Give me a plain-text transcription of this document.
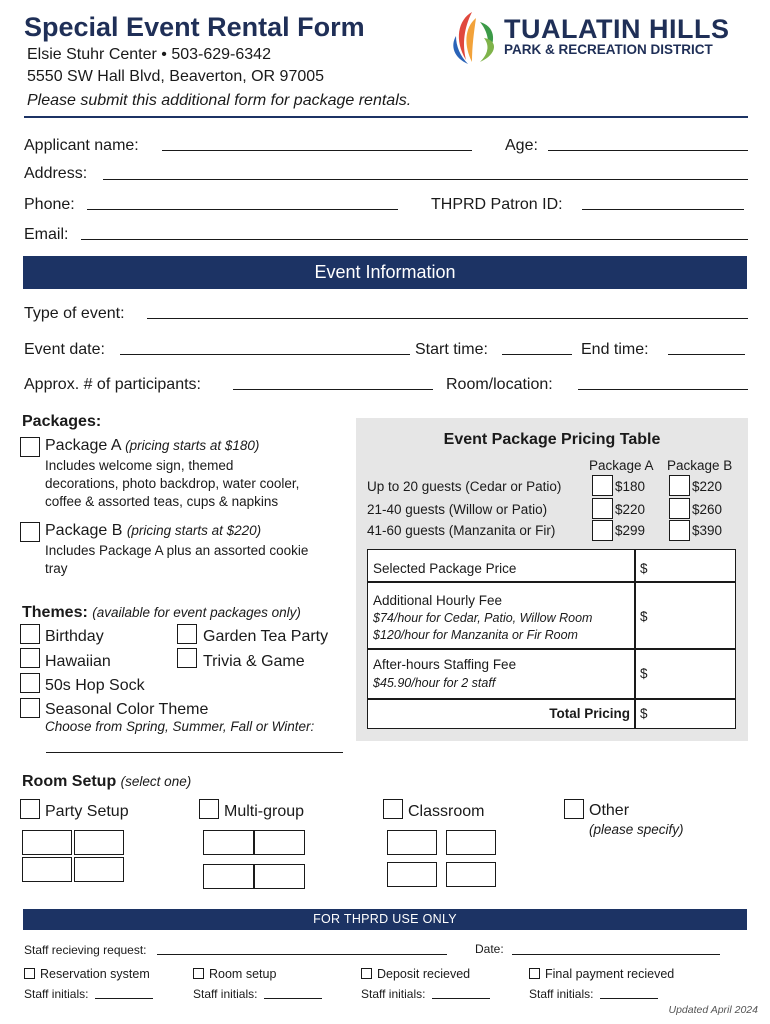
Special Event Rental Form
Elsie Stuhr Center • 503-629-6342
5550 SW Hall Blvd, Beaverton, OR 97005
Please submit this additional form for package rentals.
TUALATIN HILLS
PARK & RECREATION DISTRICT
Applicant name:	Age:
Address:
Phone:	THPRD Patron ID:
Email:
Event Information
Type of event:
Event date:	Start time:	End time:
Approx. # of participants:	Room/location:
Packages:
Package A (pricing starts at $180)
Includes welcome sign, themed
decorations, photo backdrop, water cooler,
coffee & assorted teas, cups & napkins
Package B (pricing starts at $220)
Includes Package A plus an assorted cookie
tray
Themes: (available for event packages only)
Birthday	Garden Tea Party
Hawaiian	Trivia & Game
50s Hop Sock
Seasonal Color Theme
Choose from Spring, Summer, Fall or Winter:
Event Package Pricing Table
Package A Package B
Up to 20 guests (Cedar or Patio)	$180	$220
21-40 guests (Willow or Patio)	$220	$260
41-60 guests (Manzanita or Fir)	$299	$390
Selected Package Price	$
Additional Hourly Fee
$74/hour for Cedar, Patio, Willow Room
$120/hour for Manzanita or Fir Room
$
After-hours Staffing Fee
$45.90/hour for 2 staff
$
Total Pricing $
Room Setup (select one)
Party Setup	Multi-group	Classroom	Other
(please specify)
FOR THPRD USE ONLY
Staff recieving request:	Date:
Reservation system	Room setup	Deposit recieved	Final payment recieved
Staff initials:	Staff initials:	Staff initials:	Staff initials:
Updated April 2024
